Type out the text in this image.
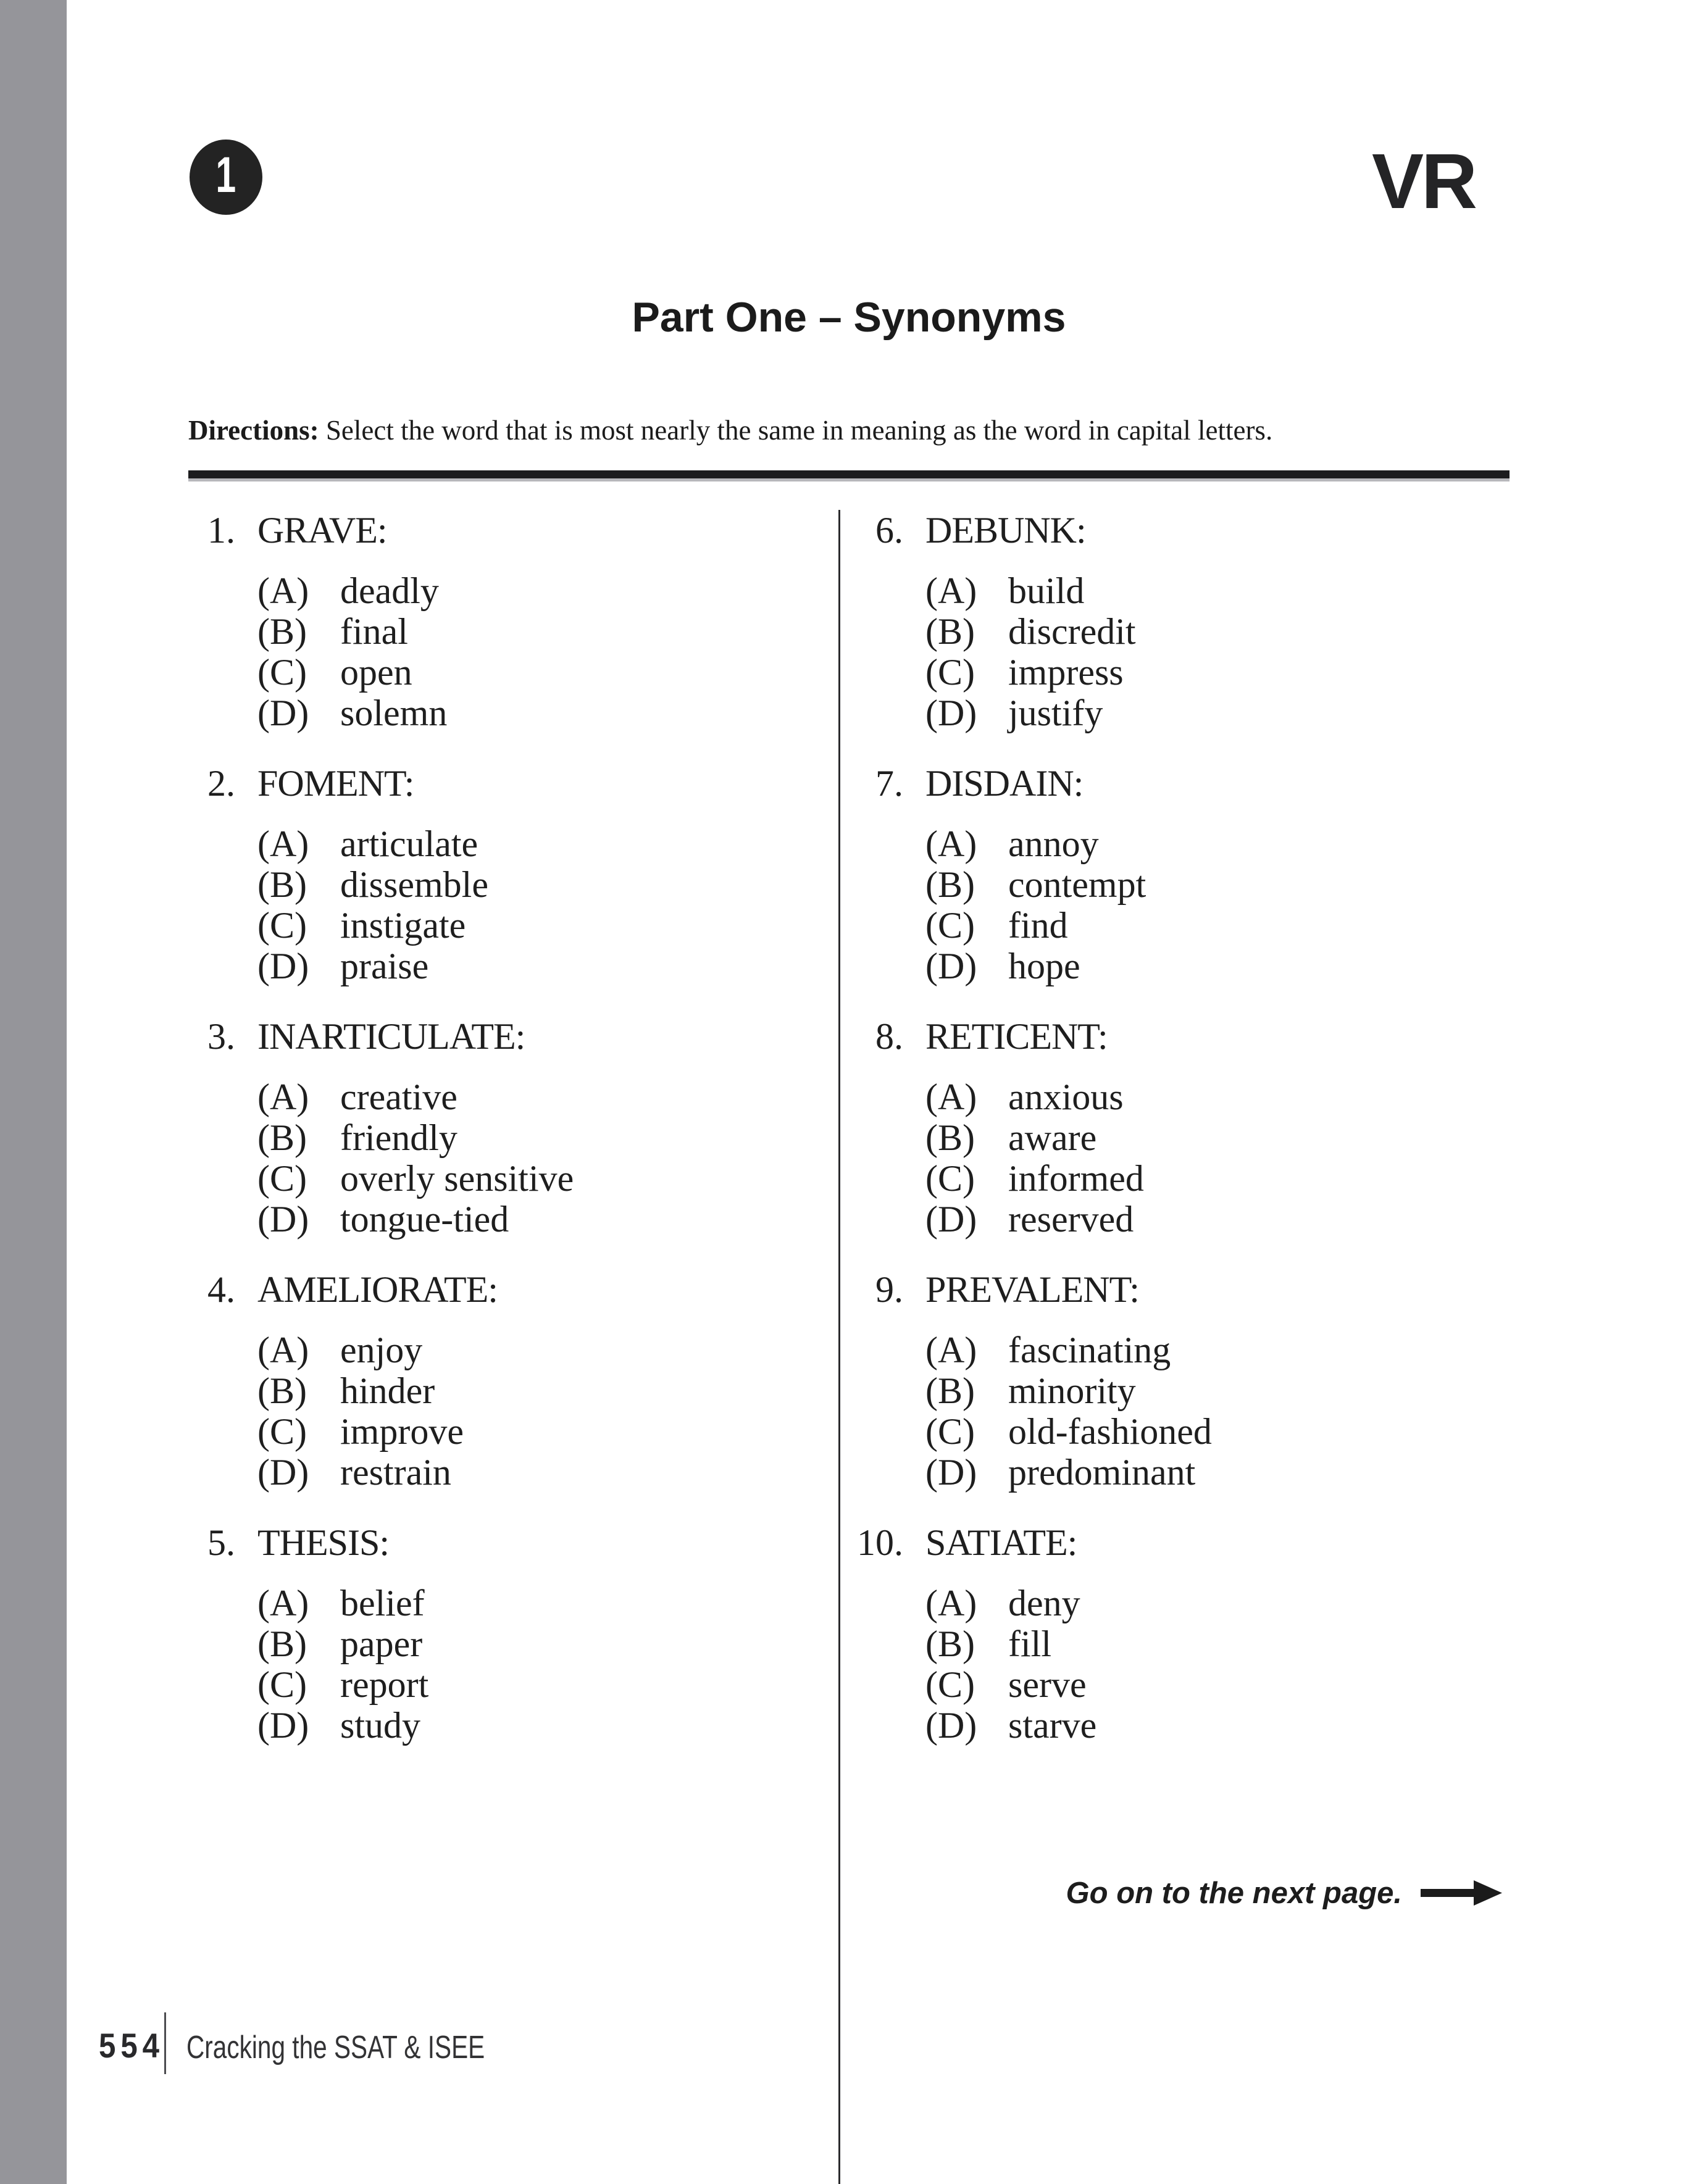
1	VR
Part One – Synonyms
Directions: Select the word that is most nearly the same in meaning as the word in capital letters.
1. GRAVE:
(A) deadly
(B) final
(C) open
(D) solemn
2. FOMENT:
(A) articulate
(B) dissemble
(C) instigate
(D) praise
3. INARTICULATE:
(A) creative
(B) friendly
(C) overly sensitive
(D) tongue-tied
4. AMELIORATE:
(A) enjoy
(B) hinder
(C) improve
(D) restrain
5. THESIS:
(A) belief
(B) paper
(C) report
(D) study
6. DEBUNK:
(A) build
(B) discredit
(C) impress
(D) justify
7. DISDAIN:
(A) annoy
(B) contempt
(C) find
(D) hope
8. RETICENT:
(A) anxious
(B) aware
(C) informed
(D) reserved
9. PREVALENT:
(A) fascinating
(B) minority
(C) old-fashioned
(D) predominant
10. SATIATE:
(A) deny
(B) fill
(C) serve
(D) starve
Go on to the next page.
554 Cracking the SSAT & ISEE
